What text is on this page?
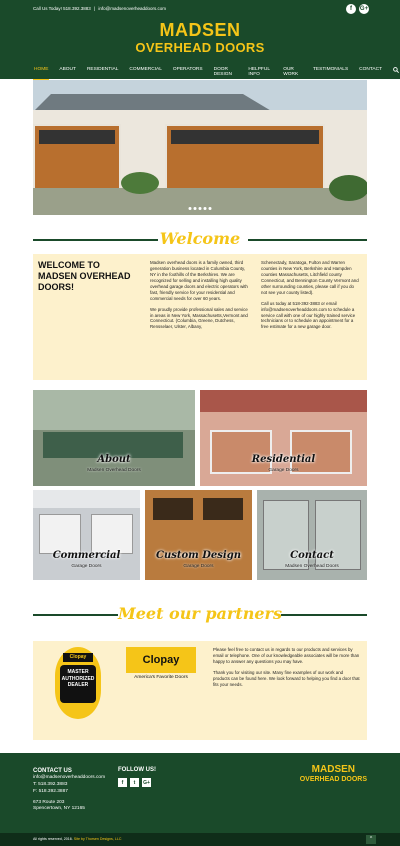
Call Us Today! 518.392.3883 | info@madsenoverheaddoors.com	f	G+
MADSEN
OVERHEAD DOORS
HOME ABOUT RESIDENTIAL COMMERCIAL OPERATORS DOOR DESIGN
HELPFUL INFO
OUR WORK
TESTIMONIALS CONTACT
Welcome
WELCOME TO MADSEN OVERHEAD DOORS!

Madsen overhead doors is a family owned, third generation business located in Columbia County, NY in the foothills of the Berkshires. We are recognized for selling and installing high quality overhead garage doors and electric operators with fast, friendly service for your residential and commercial needs for over 60 years.

We proudly provide professional sales and service in areas in New York, Massachusetts,Vermont and Connecticut. (Columbia, Greene, Dutchess, Rensselaer, Ulster, Albany,

Schenectady, Saratoga, Fulton and Warren counties in New York, Berkshire and Hampden counties Massachusetts, Litchfield county Connecticut, and Bennington County Vermont and other surrounding counties, please call if you do not see your county listed).

Call us today at 518-392-3883 or email info@madsenoverheaddoors.com to schedule a service call with one of our highly trained service technicians or to schedule an appointment for a free estimate for a new garage door.

About
Madsen Overhead Doors
Residential
Garage Doors
Commercial
Garage Doors
Custom Design
Garage Doors
Contact
Madsen Overhead Doors
Meet our partners
Clopay
MASTER
AUTHORIZED
DEALER
Clopay
America's Favorite Doors

Please feel free to contact us in regards to our products and services by email or telephone. One of our knowledgeable associates will be more than happy to answer any questions you may have.

Thank you for visiting our site. Many fine examples of our work and products can be found here. We look forward to helping you find a door that fits your needs.

CONTACT US
info@madsenoverheaddoors.com
T: 518.392.3883
F: 518.392.3887
673 Route 203
Spencertown, NY 12165
FOLLOW US!
f	t	G+
MADSEN
OVERHEAD DOORS
All rights reserved, 2016. Site by Thorsen Designs, LLC	^
